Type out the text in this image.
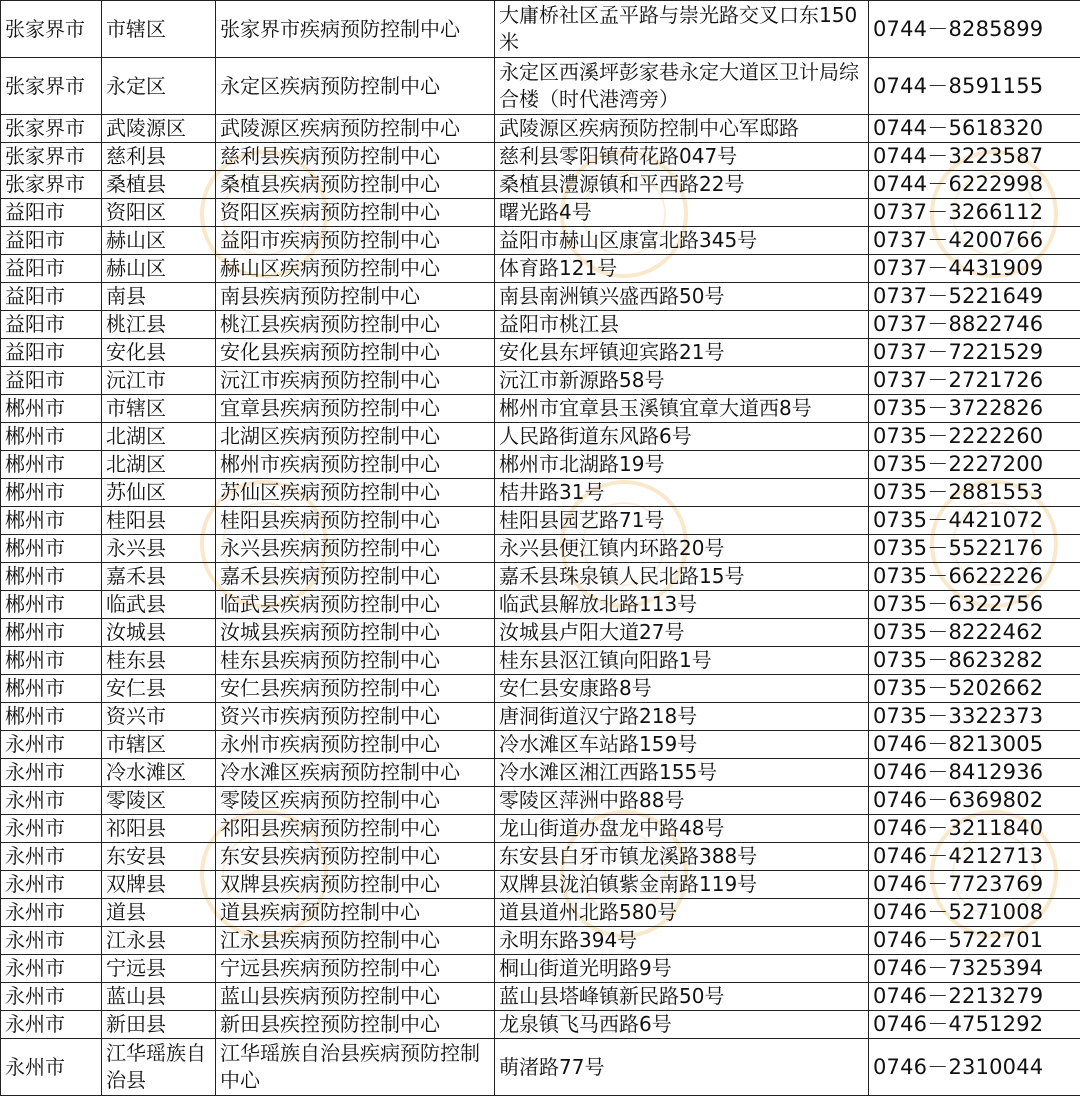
张家界市	市辖区	张家界市疾病预防控制中心	大庸桥社区孟平路与崇光路交叉口东150米	0744－8285899
张家界市	永定区	永定区疾病预防控制中心	永定区西溪坪彭家巷永定大道区卫计局综合楼（时代港湾旁）	0744－8591155
张家界市	武陵源区	武陵源区疾病预防控制中心	武陵源区疾病预防控制中心军邸路	0744－5618320
张家界市	慈利县	慈利县疾病预防控制中心	慈利县零阳镇荷花路047号	0744－3223587
张家界市	桑植县	桑植县疾病预防控制中心	桑植县澧源镇和平西路22号	0744－6222998
益阳市	资阳区	资阳区疾病预防控制中心	曙光路4号	0737－3266112
益阳市	赫山区	益阳市疾病预防控制中心	益阳市赫山区康富北路345号	0737－4200766
益阳市	赫山区	赫山区疾病预防控制中心	体育路121号	0737－4431909
益阳市	南县	南县疾病预防控制中心	南县南洲镇兴盛西路50号	0737－5221649
益阳市	桃江县	桃江县疾病预防控制中心	益阳市桃江县	0737－8822746
益阳市	安化县	安化县疾病预防控制中心	安化县东坪镇迎宾路21号	0737－7221529
益阳市	沅江市	沅江市疾病预防控制中心	沅江市新源路58号	0737－2721726
郴州市	市辖区	宜章县疾病预防控制中心	郴州市宜章县玉溪镇宜章大道西8号	0735－3722826
郴州市	北湖区	北湖区疾病预防控制中心	人民路街道东风路6号	0735－2222260
郴州市	北湖区	郴州市疾病预防控制中心	郴州市北湖路19号	0735－2227200
郴州市	苏仙区	苏仙区疾病预防控制中心	桔井路31号	0735－2881553
郴州市	桂阳县	桂阳县疾病预防控制中心	桂阳县园艺路71号	0735－4421072
郴州市	永兴县	永兴县疾病预防控制中心	永兴县便江镇内环路20号	0735－5522176
郴州市	嘉禾县	嘉禾县疾病预防控制中心	嘉禾县珠泉镇人民北路15号	0735－6622226
郴州市	临武县	临武县疾病预防控制中心	临武县解放北路113号	0735－6322756
郴州市	汝城县	汝城县疾病预防控制中心	汝城县卢阳大道27号	0735－8222462
郴州市	桂东县	桂东县疾病预防控制中心	桂东县沤江镇向阳路1号	0735－8623282
郴州市	安仁县	安仁县疾病预防控制中心	安仁县安康路8号	0735－5202662
郴州市	资兴市	资兴市疾病预防控制中心	唐洞街道汉宁路218号	0735－3322373
永州市	市辖区	永州市疾病预防控制中心	冷水滩区车站路159号	0746－8213005
永州市	冷水滩区	冷水滩区疾病预防控制中心	冷水滩区湘江西路155号	0746－8412936
永州市	零陵区	零陵区疾病预防控制中心	零陵区萍洲中路88号	0746－6369802
永州市	祁阳县	祁阳县疾病预防控制中心	龙山街道办盘龙中路48号	0746－3211840
永州市	东安县	东安县疾病预防控制中心	东安县白牙市镇龙溪路388号	0746－4212713
永州市	双牌县	双牌县疾病预防控制中心	双牌县泷泊镇紫金南路119号	0746－7723769
永州市	道县	道县疾病预防控制中心	道县道州北路580号	0746－5271008
永州市	江永县	江永县疾病预防控制中心	永明东路394号	0746－5722701
永州市	宁远县	宁远县疾病预防控制中心	桐山街道光明路9号	0746－7325394
永州市	蓝山县	蓝山县疾病预防控制中心	蓝山县塔峰镇新民路50号	0746－2213279
永州市	新田县	新田县疾控预防控制中心	龙泉镇飞马西路6号	0746－4751292
永州市	江华瑶族自治县	江华瑶族自治县疾病预防控制中心	萌渚路77号	0746－2310044
